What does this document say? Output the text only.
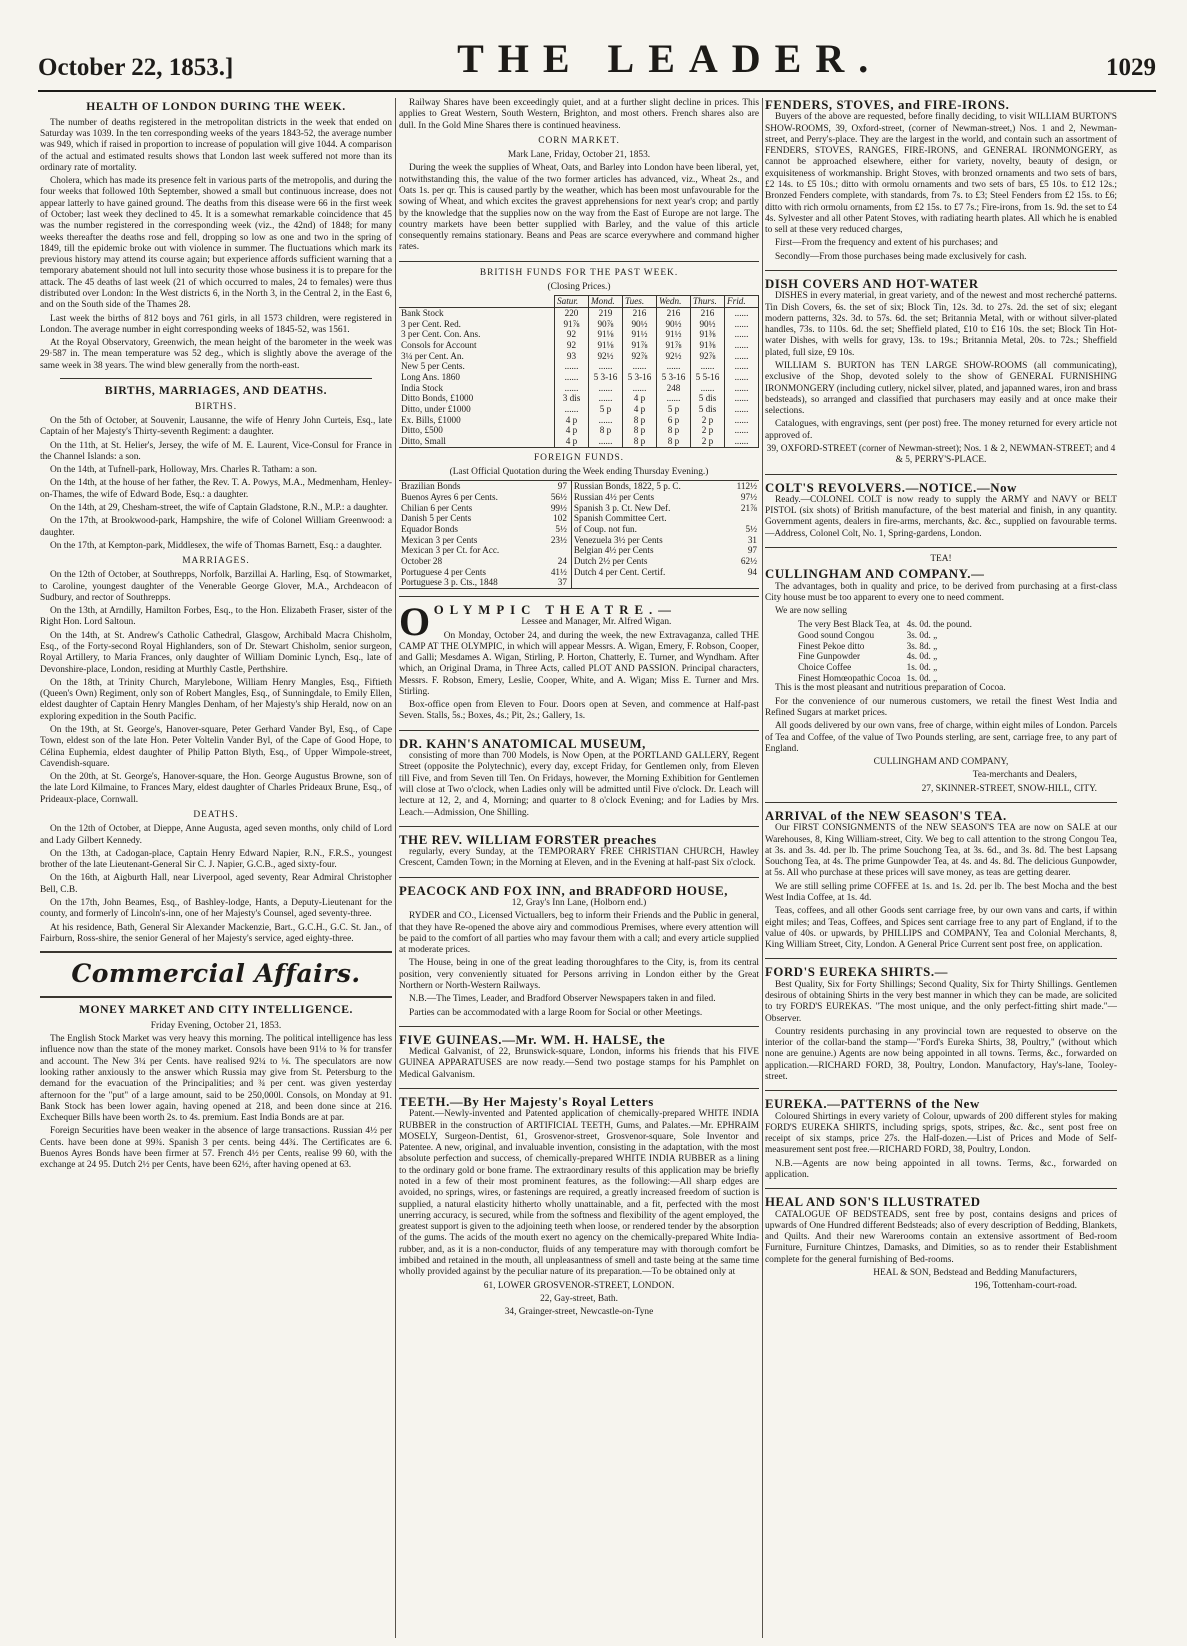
October 22, 1853.]	THE LEADER.	1029
HEALTH OF LONDON DURING THE WEEK.

The number of deaths registered in the metropolitan districts in the week that ended on Saturday was 1039. In the ten corresponding weeks of the years 1843-52, the average number was 949, which if raised in proportion to increase of population will give 1044. A comparison of the actual and estimated results shows that London last week suffered not more than its ordinary rate of mortality.

Cholera, which has made its presence felt in various parts of the metropolis, and during the four weeks that followed 10th September, showed a small but continuous increase, does not appear latterly to have gained ground. The deaths from this disease were 66 in the first week of October; last week they declined to 45. It is a somewhat remarkable coincidence that 45 was the number registered in the corresponding week (viz., the 42nd) of 1848; for many weeks thereafter the deaths rose and fell, dropping so low as one and two in the spring of 1849, till the epidemic broke out with violence in summer. The fluctuations which mark its previous history may attend its course again; but experience affords sufficient warning that a temporary abatement should not lull into security those whose business it is to prepare for the attack. The 45 deaths of last week (21 of which occurred to males, 24 to females) were thus distributed over London: In the West districts 6, in the North 3, in the Central 2, in the East 6, and on the South side of the Thames 28.

Last week the births of 812 boys and 761 girls, in all 1573 children, were registered in London. The average number in eight corresponding weeks of 1845-52, was 1561.

At the Royal Observatory, Greenwich, the mean height of the barometer in the week was 29·587 in. The mean temperature was 52 deg., which is slightly above the average of the same week in 38 years. The wind blew generally from the north-east.

BIRTHS, MARRIAGES, AND DEATHS.
BIRTHS.

On the 5th of October, at Souvenir, Lausanne, the wife of Henry John Curteis, Esq., late Captain of her Majesty's Thirty-seventh Regiment: a daughter.

On the 11th, at St. Helier's, Jersey, the wife of M. E. Laurent, Vice-Consul for France in the Channel Islands: a son.

On the 14th, at Tufnell-park, Holloway, Mrs. Charles R. Tatham: a son.

On the 14th, at the house of her father, the Rev. T. A. Powys, M.A., Medmenham, Henley-on-Thames, the wife of Edward Bode, Esq.: a daughter.

On the 14th, at 29, Chesham-street, the wife of Captain Gladstone, R.N., M.P.: a daughter.

On the 17th, at Brookwood-park, Hampshire, the wife of Colonel William Greenwood: a daughter.

On the 17th, at Kempton-park, Middlesex, the wife of Thomas Barnett, Esq.: a daughter.

MARRIAGES.

On the 12th of October, at Southrepps, Norfolk, Barzillai A. Harling, Esq. of Stowmarket, to Caroline, youngest daughter of the Venerable George Glover, M.A., Archdeacon of Sudbury, and rector of Southrepps.

On the 13th, at Arndilly, Hamilton Forbes, Esq., to the Hon. Elizabeth Fraser, sister of the Right Hon. Lord Saltoun.

On the 14th, at St. Andrew's Catholic Cathedral, Glasgow, Archibald Macra Chisholm, Esq., of the Forty-second Royal Highlanders, son of Dr. Stewart Chisholm, senior surgeon, Royal Artillery, to Maria Frances, only daughter of William Dominic Lynch, Esq., late of Devonshire-place, London, residing at Murthly Castle, Perthshire.

On the 18th, at Trinity Church, Marylebone, William Henry Mangles, Esq., Fiftieth (Queen's Own) Regiment, only son of Robert Mangles, Esq., of Sunningdale, to Emily Ellen, eldest daughter of Captain Henry Mangles Denham, of her Majesty's ship Herald, now on an exploring expedition in the South Pacific.

On the 19th, at St. George's, Hanover-square, Peter Gerhard Vander Byl, Esq., of Cape Town, eldest son of the late Hon. Peter Voltelin Vander Byl, of the Cape of Good Hope, to Célina Euphemia, eldest daughter of Philip Patton Blyth, Esq., of Upper Wimpole-street, Cavendish-square.

On the 20th, at St. George's, Hanover-square, the Hon. George Augustus Browne, son of the late Lord Kilmaine, to Frances Mary, eldest daughter of Charles Prideaux Brune, Esq., of Prideaux-place, Cornwall.

DEATHS.

On the 12th of October, at Dieppe, Anne Augusta, aged seven months, only child of Lord and Lady Gilbert Kennedy.

On the 13th, at Cadogan-place, Captain Henry Edward Napier, R.N., F.R.S., youngest brother of the late Lieutenant-General Sir C. J. Napier, G.C.B., aged sixty-four.

On the 16th, at Aigburth Hall, near Liverpool, aged seventy, Rear Admiral Christopher Bell, C.B.

On the 17th, John Beames, Esq., of Bashley-lodge, Hants, a Deputy-Lieutenant for the county, and formerly of Lincoln's-inn, one of her Majesty's Counsel, aged seventy-three.

At his residence, Bath, General Sir Alexander Mackenzie, Bart., G.C.H., G.C. St. Jan., of Fairburn, Ross-shire, the senior General of her Majesty's service, aged eighty-three.

Commercial Affairs.
MONEY MARKET AND CITY INTELLIGENCE.

Friday Evening, October 21, 1853.

The English Stock Market was very heavy this morning. The political intelligence has less influence now than the state of the money market. Consols have been 91⅛ to ⅜ for transfer and account. The New 3¼ per Cents. have realised 92¼ to ⅛. The speculators are now looking rather anxiously to the answer which Russia may give from St. Petersburg to the demand for the evacuation of the Principalities; and ¾ per cent. was given yesterday afternoon for the "put" of a large amount, said to be 250,000l. Consols, on Monday at 91. Bank Stock has been lower again, having opened at 218, and been done since at 216. Exchequer Bills have been worth 2s. to 4s. premium. East India Bonds are at par.

Foreign Securities have been weaker in the absence of large transactions. Russian 4½ per Cents. have been done at 99¾. Spanish 3 per cents. being 44¾. The Certificates are 6. Buenos Ayres Bonds have been firmer at 57. French 4½ per Cents, realise 99 60, with the exchange at 24 95. Dutch 2½ per Cents, have been 62½, after having opened at 63.

Railway Shares have been exceedingly quiet, and at a further slight decline in prices. This applies to Great Western, South Western, Brighton, and most others. French shares also are dull. In the Gold Mine Shares there is continued heaviness.

CORN MARKET.

Mark Lane, Friday, October 21, 1853.

During the week the supplies of Wheat, Oats, and Barley into London have been liberal, yet, notwithstanding this, the value of the two former articles has advanced, viz., Wheat 2s., and Oats 1s. per qr. This is caused partly by the weather, which has been most unfavourable for the sowing of Wheat, and which excites the gravest apprehensions for next year's crop; and partly by the knowledge that the supplies now on the way from the East of Europe are not large. The country markets have been better supplied with Barley, and the value of this article consequently remains stationary. Beans and Peas are scarce everywhere and command higher rates.

BRITISH FUNDS FOR THE PAST WEEK.

(Closing Prices.)

	Satur.	Mond.	Tues.	Wedn.	Thurs.	Frid.
Bank Stock	220	219	216	216	216	......
3 per Cent. Red.	91⅞	90⅞	90½	90½	90½	......
3 per Cent. Con. Ans.	92	91⅛	91½	91½	91⅜	......
Consols for Account	92	91⅛	91⅞	91⅞	91⅜	......
3¼ per Cent. An.	93	92½	92⅞	92½	92⅞	......
New 5 per Cents.	......	......	......	......	......	......
Long Ans. 1860	......	5 3-16	5 3-16	5 3-16	5 5-16	......
India Stock	......	......	......	248	......	......
Ditto Bonds, £1000	3 dis	......	4 p	......	5 dis	......
Ditto, under £1000	......	5 p	4 p	5 p	5 dis	......
Ex. Bills, £1000	4 p	......	8 p	6 p	2 p	......
Ditto, £500	4 p	8 p	8 p	8 p	2 p	......
Ditto, Small	4 p	......	8 p	8 p	2 p	......
FOREIGN FUNDS.

(Last Official Quotation during the Week ending Thursday Evening.)

Brazilian Bonds	97	Russian Bonds, 1822, 5 p. C.	112½
Buenos Ayres 6 per Cents.	56½	Russian 4½ per Cents	97½
Chilian 6 per Cents	99½	Spanish 3 p. Ct. New Def.	21⅞
Danish 5 per Cents	102	Spanish Committee Cert.	
Equador Bonds	5½	of Coup. not fun.	5½
Mexican 3 per Cents	23½	Venezuela 3½ per Cents	31
Mexican 3 per Ct. for Acc.		Belgian 4½ per Cents	97
October 28	24	Dutch 2½ per Cents	62½
Portuguese 4 per Cents	41½	Dutch 4 per Cent. Certif.	94
Portuguese 3 p. Cts., 1848	37		
OOLYMPIC THEATRE.—

Lessee and Manager, Mr. Alfred Wigan.

On Monday, October 24, and during the week, the new Extravaganza, called THE CAMP AT THE OLYMPIC, in which will appear Messrs. A. Wigan, Emery, F. Robson, Cooper, and Galli; Mesdames A. Wigan, Stirling, P. Horton, Chatterly, E. Turner, and Wyndham. After which, an Original Drama, in Three Acts, called PLOT AND PASSION. Principal characters, Messrs. F. Robson, Emery, Leslie, Cooper, White, and A. Wigan; Miss E. Turner and Mrs. Stirling.

Box-office open from Eleven to Four. Doors open at Seven, and commence at Half-past Seven. Stalls, 5s.; Boxes, 4s.; Pit, 2s.; Gallery, 1s.

DR. KAHN'S ANATOMICAL MUSEUM,

consisting of more than 700 Models, is Now Open, at the PORTLAND GALLERY, Regent Street (opposite the Polytechnic), every day, except Friday, for Gentlemen only, from Eleven till Five, and from Seven till Ten. On Fridays, however, the Morning Exhibition for Gentlemen will close at Two o'clock, when Ladies only will be admitted until Five o'clock. Dr. Leach will lecture at 12, 2, and 4, Morning; and quarter to 8 o'clock Evening; and for Ladies by Mrs. Leach.—Admission, One Shilling.

THE REV. WILLIAM FORSTER preaches

regularly, every Sunday, at the TEMPORARY FREE CHRISTIAN CHURCH, Hawley Crescent, Camden Town; in the Morning at Eleven, and in the Evening at half-past Six o'clock.

PEACOCK AND FOX INN, and BRADFORD HOUSE,

12, Gray's Inn Lane, (Holborn end.)

RYDER and CO., Licensed Victuallers, beg to inform their Friends and the Public in general, that they have Re-opened the above airy and commodious Premises, where every attention will be paid to the comfort of all parties who may favour them with a call; and every article supplied at moderate prices.

The House, being in one of the great leading thoroughfares to the City, is, from its central position, very conveniently situated for Persons arriving in London either by the Great Northern or North-Western Railways.

N.B.—The Times, Leader, and Bradford Observer Newspapers taken in and filed.

Parties can be accommodated with a large Room for Social or other Meetings.

FIVE GUINEAS.—Mr. WM. H. HALSE, the

Medical Galvanist, of 22, Brunswick-square, London, informs his friends that his FIVE GUINEA APPARATUSES are now ready.—Send two postage stamps for his Pamphlet on Medical Galvanism.

TEETH.—By Her Majesty's Royal Letters

Patent.—Newly-invented and Patented application of chemically-prepared WHITE INDIA RUBBER in the construction of ARTIFICIAL TEETH, Gums, and Palates.—Mr. EPHRAIM MOSELY, Surgeon-Dentist, 61, Grosvenor-street, Grosvenor-square, Sole Inventor and Patentee. A new, original, and invaluable invention, consisting in the adaptation, with the most absolute perfection and success, of chemically-prepared WHITE INDIA RUBBER as a lining to the ordinary gold or bone frame. The extraordinary results of this application may be briefly noted in a few of their most prominent features, as the following:—All sharp edges are avoided, no springs, wires, or fastenings are required, a greatly increased freedom of suction is supplied, a natural elasticity hitherto wholly unattainable, and a fit, perfected with the most unerring accuracy, is secured, while from the softness and flexibility of the agent employed, the greatest support is given to the adjoining teeth when loose, or rendered tender by the absorption of the gums. The acids of the mouth exert no agency on the chemically-prepared White India-rubber, and, as it is a non-conductor, fluids of any temperature may with thorough comfort be imbibed and retained in the mouth, all unpleasantness of smell and taste being at the same time wholly provided against by the peculiar nature of its preparation.—To be obtained only at

61, LOWER GROSVENOR-STREET, LONDON.

22, Gay-street, Bath.

34, Grainger-street, Newcastle-on-Tyne

FENDERS, STOVES, and FIRE-IRONS.

Buyers of the above are requested, before finally deciding, to visit WILLIAM BURTON'S SHOW-ROOMS, 39, Oxford-street, (corner of Newman-street,) Nos. 1 and 2, Newman-street, and Perry's-place. They are the largest in the world, and contain such an assortment of FENDERS, STOVES, RANGES, FIRE-IRONS, and GENERAL IRONMONGERY, as cannot be approached elsewhere, either for variety, novelty, beauty of design, or exquisiteness of workmanship. Bright Stoves, with bronzed ornaments and two sets of bars, £2 14s. to £5 10s.; ditto with ormolu ornaments and two sets of bars, £5 10s. to £12 12s.; Bronzed Fenders complete, with standards, from 7s. to £3; Steel Fenders from £2 15s. to £6; ditto with rich ormolu ornaments, from £2 15s. to £7 7s.; Fire-irons, from 1s. 9d. the set to £4 4s. Sylvester and all other Patent Stoves, with radiating hearth plates. All which he is enabled to sell at these very reduced charges,

First—From the frequency and extent of his purchases; and

Secondly—From those purchases being made exclusively for cash.

DISH COVERS AND HOT-WATER

DISHES in every material, in great variety, and of the newest and most recherché patterns. Tin Dish Covers, 6s. the set of six; Block Tin, 12s. 3d. to 27s. 2d. the set of six; elegant modern patterns, 32s. 3d. to 57s. 6d. the set; Britannia Metal, with or without silver-plated handles, 73s. to 110s. 6d. the set; Sheffield plated, £10 to £16 10s. the set; Block Tin Hot-water Dishes, with wells for gravy, 13s. to 19s.; Britannia Metal, 20s. to 72s.; Sheffield plated, full size, £9 10s.

WILLIAM S. BURTON has TEN LARGE SHOW-ROOMS (all communicating), exclusive of the Shop, devoted solely to the show of GENERAL FURNISHING IRONMONGERY (including cutlery, nickel silver, plated, and japanned wares, iron and brass bedsteads), so arranged and classified that purchasers may easily and at once make their selections.

Catalogues, with engravings, sent (per post) free. The money returned for every article not approved of.

39, OXFORD-STREET (corner of Newman-street); Nos. 1 & 2, NEWMAN-STREET; and 4 & 5, PERRY'S-PLACE.

COLT'S REVOLVERS.—NOTICE.—Now

Ready.—COLONEL COLT is now ready to supply the ARMY and NAVY or BELT PISTOL (six shots) of British manufacture, of the best material and finish, in any quantity. Government agents, dealers in fire-arms, merchants, &c. &c., supplied on favourable terms.—Address, Colonel Colt, No. 1, Spring-gardens, London.

TEA!

CULLINGHAM AND COMPANY.—

The advantages, both in quality and price, to be derived from purchasing at a first-class City house must be too apparent to every one to need comment.

We are now selling

The very Best Black Tea, at	4s. 0d. the pound.
Good sound Congou	3s. 0d. „
Finest Pekoe ditto	3s. 8d. „
Fine Gunpowder	4s. 0d. „
Choice Coffee	1s. 0d. „
Finest Homœopathic Cocoa	1s. 0d. „

This is the most pleasant and nutritious preparation of Cocoa.

For the convenience of our numerous customers, we retail the finest West India and Refined Sugars at market prices.

All goods delivered by our own vans, free of charge, within eight miles of London. Parcels of Tea and Coffee, of the value of Two Pounds sterling, are sent, carriage free, to any part of England.

CULLINGHAM AND COMPANY,

Tea-merchants and Dealers,

27, SKINNER-STREET, SNOW-HILL, CITY.

ARRIVAL of the NEW SEASON'S TEA.

Our FIRST CONSIGNMENTS of the NEW SEASON'S TEA are now on SALE at our Warehouses, 8, King William-street, City. We beg to call attention to the strong Congou Tea, at 3s. and 3s. 4d. per lb. The prime Souchong Tea, at 3s. 6d., and 3s. 8d. The best Lapsang Souchong Tea, at 4s. The prime Gunpowder Tea, at 4s. and 4s. 8d. The delicious Gunpowder, at 5s. All who purchase at these prices will save money, as teas are getting dearer.

We are still selling prime COFFEE at 1s. and 1s. 2d. per lb. The best Mocha and the best West India Coffee, at 1s. 4d.

Teas, coffees, and all other Goods sent carriage free, by our own vans and carts, if within eight miles; and Teas, Coffees, and Spices sent carriage free to any part of England, if to the value of 40s. or upwards, by PHILLIPS and COMPANY, Tea and Colonial Merchants, 8, King William Street, City, London. A General Price Current sent post free, on application.

FORD'S EUREKA SHIRTS.—

Best Quality, Six for Forty Shillings; Second Quality, Six for Thirty Shillings. Gentlemen desirous of obtaining Shirts in the very best manner in which they can be made, are solicited to try FORD'S EUREKAS. "The most unique, and the only perfect-fitting shirt made."—Observer.

Country residents purchasing in any provincial town are requested to observe on the interior of the collar-band the stamp—"Ford's Eureka Shirts, 38, Poultry," (without which none are genuine.) Agents are now being appointed in all towns. Terms, &c., forwarded on application.—RICHARD FORD, 38, Poultry, London. Manufactory, Hay's-lane, Tooley-street.

EUREKA.—PATTERNS of the New

Coloured Shirtings in every variety of Colour, upwards of 200 different styles for making FORD'S EUREKA SHIRTS, including sprigs, spots, stripes, &c. &c., sent post free on receipt of six stamps, price 27s. the Half-dozen.—List of Prices and Mode of Self-measurement sent post free.—RICHARD FORD, 38, Poultry, London.

N.B.—Agents are now being appointed in all towns. Terms, &c., forwarded on application.

HEAL AND SON'S ILLUSTRATED

CATALOGUE OF BEDSTEADS, sent free by post, contains designs and prices of upwards of One Hundred different Bedsteads; also of every description of Bedding, Blankets, and Quilts. And their new Warerooms contain an extensive assortment of Bed-room Furniture, Furniture Chintzes, Damasks, and Dimities, so as to render their Establishment complete for the general furnishing of Bed-rooms.

HEAL & SON, Bedstead and Bedding Manufacturers,

196, Tottenham-court-road.
